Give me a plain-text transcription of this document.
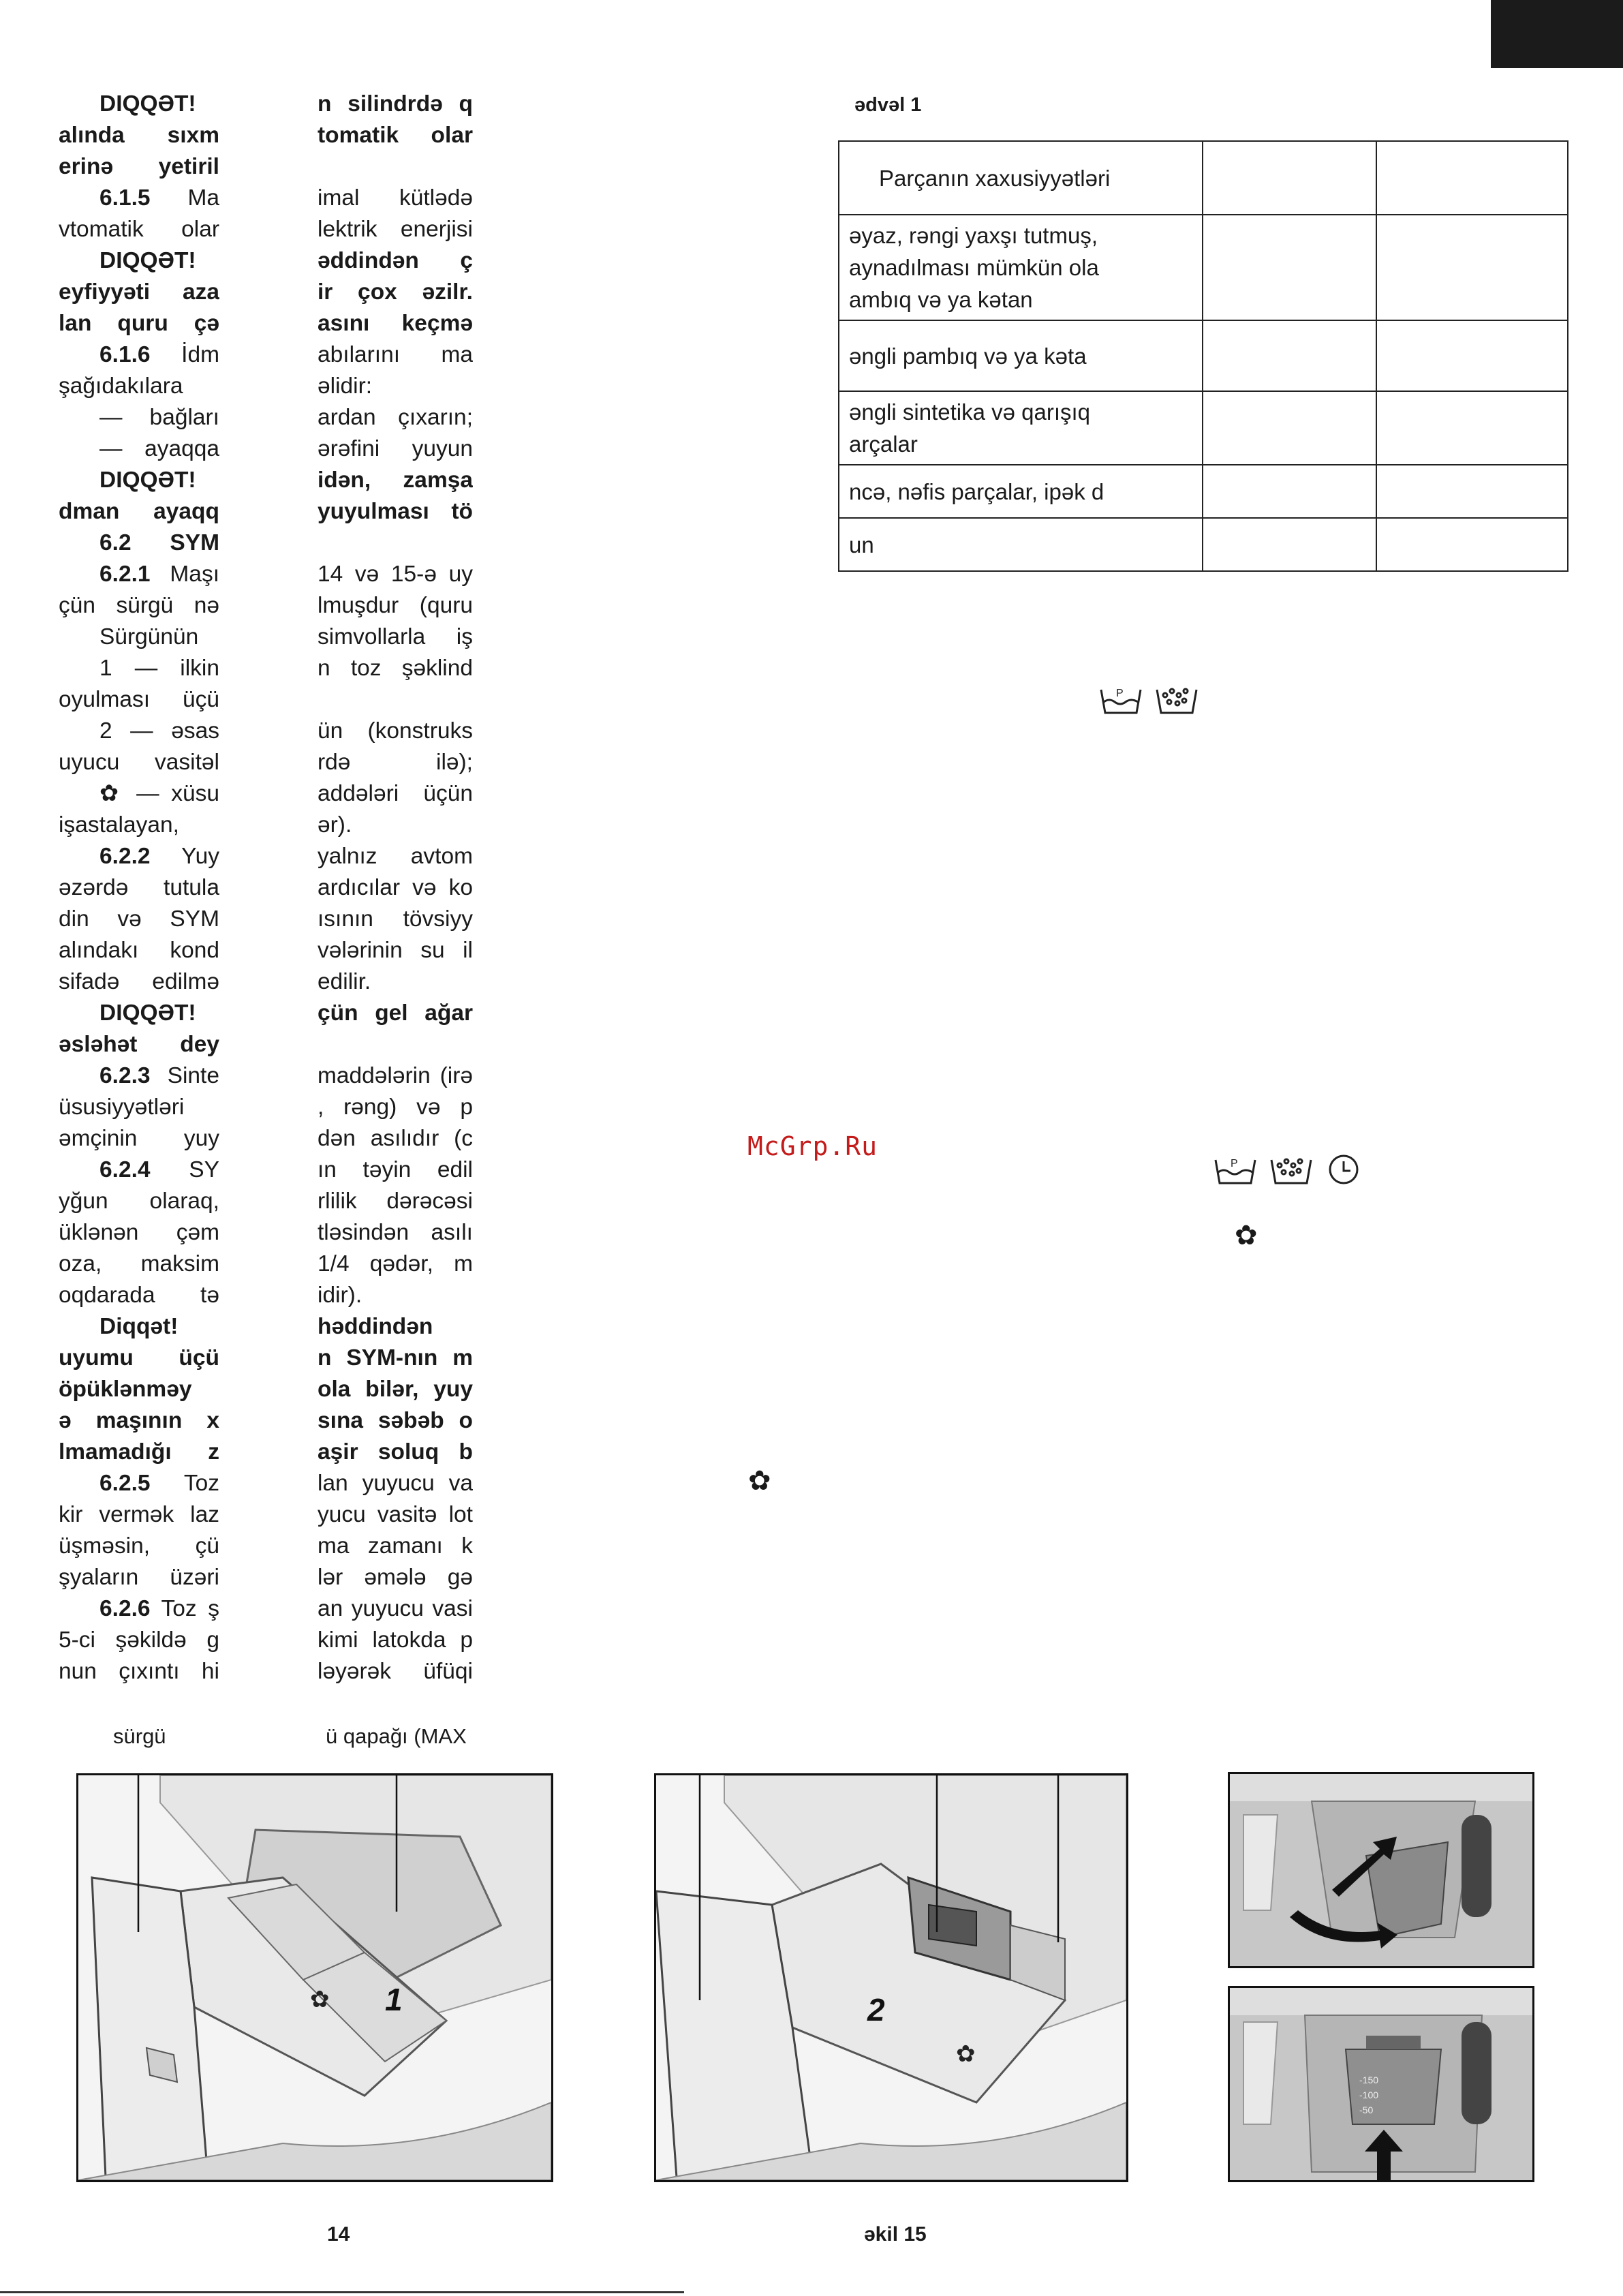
DIQQƏT!
alında sıxm
erinə yetiril
6.1.5 Ma
vtomatik olar
DIQQƏT!
eyfiyyəti aza
lan quru çə
6.1.6 İdm
şağıdakılara
— bağları
— ayaqqa
DIQQƏT!
dman ayaqq
6.2 SYM
6.2.1 Maşı
çün sürgü nə
Sürgünün
1 — ilkin
oyulması üçü
2 — əsas
uyucu vasitəl
✿ — xüsu
işastalayan,
6.2.2 Yuy
əzərdə tutula
din və SYM
alındakı kond
sifadə edilmə
DIQQƏT!
əsləhət dey
6.2.3 Sinte
üsusiyyətləri
əmçinin yuy
6.2.4 SY
yğun olaraq,
üklənən çəm
oza, maksim
oqdarada tə
Diqqət!
uyumu üçü
öpüklənməy
ə maşının x
lmamadığı z
6.2.5 Toz
kir vermək laz
üşməsin, çü
şyaların üzəri
6.2.6 Toz ş
5-ci şəkildə g
nun çıxıntı hi
n silindrdə q
tomatik olar

imal kütlədə
lektrik enerjisi
əddindən ç
ir çox əzilr.
asını keçmə
abılarını ma
əlidir:
ardan çıxarın;
ərəfini yuyun
idən, zamşa
yuyulması tö

14 və 15-ə uy
lmuşdur (quru
simvollarla iş
n toz şəklind

ün (konstruks
rdə ilə);
addələri üçün
ər).
yalnız avtom
ardıcılar və ko
ısının tövsiyy
vələrinin su il
edilir.
çün gel ağar

maddələrin (irə
, rəng) və p
dən asılıdır (c
ın təyin edil
rlilik dərəcəsi
tləsindən asılı
1/4 qədər, m
idir).
həddindən
n SYM-nın m
ola bilər, yuy
sına səbəb o
aşir soluq b
lan yuyucu va
yucu vasitə lot
ma zamanı k
lər əmələ gə
an yuyucu vasi
kimi latokda p
ləyərək üfüqi
ədvəl 1
Parçanın xaxusiyyətləri		
əyaz, rəngi yaxşı tutmuş,
aynadılması mümkün ola
ambıq və ya kətan		
əngli pambıq və ya kəta		
əngli sintetika və qarışıq
arçalar		
ncə, nəfis parçalar, ipək d		
un		
P
McGrp.Ru
P
✿
✿
sürgü	ü qapağı (MAX
✿ 1	2
✿
-150
-100
-50
14	əkil 15
